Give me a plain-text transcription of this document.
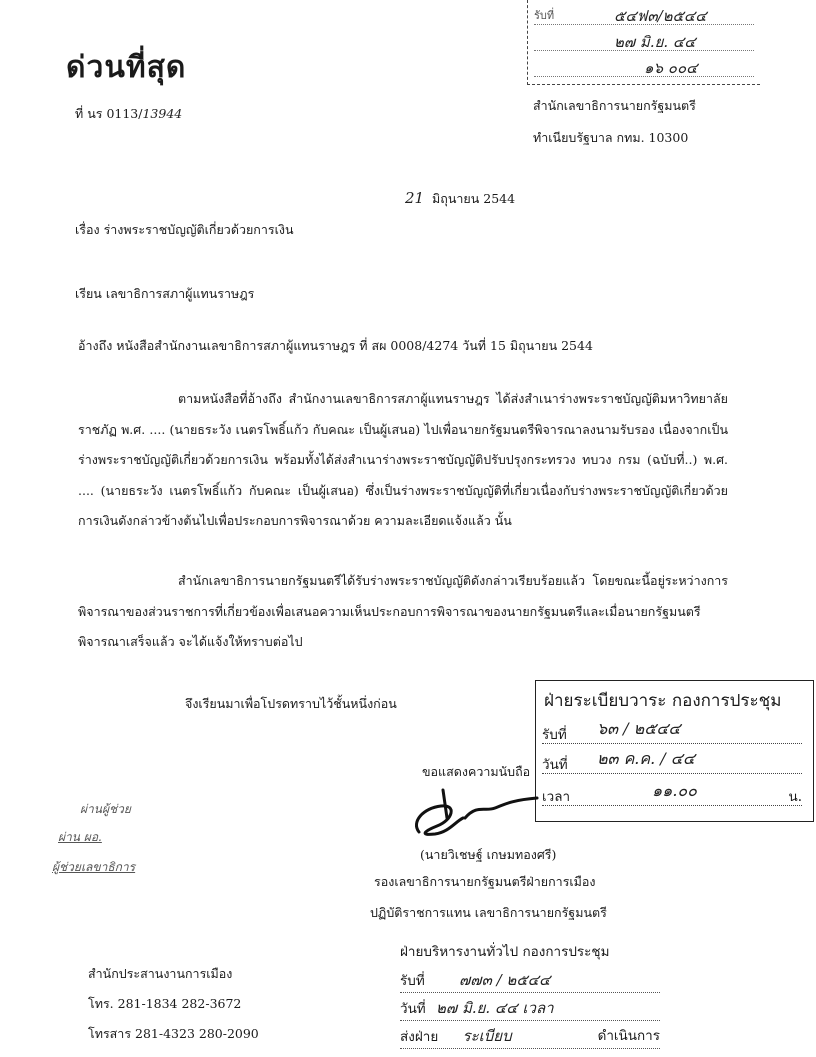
รับที่	๕๔ฟ๓/๒๕๔๔
๒๗ มิ.ย. ๔๔
๑๖ ๐๐๔
ด่วนที่สุด
ที่ นร 0113/13944
สำนักเลขาธิการนายกรัฐมนตรี
ทำเนียบรัฐบาล กทม. 10300
21 มิถุนายน 2544
เรื่อง ร่างพระราชบัญญัติเกี่ยวด้วยการเงิน
เรียน เลขาธิการสภาผู้แทนราษฎร
อ้างถึง หนังสือสำนักงานเลขาธิการสภาผู้แทนราษฎร ที่ สผ 0008/4274 วันที่ 15 มิถุนายน 2544

ตามหนังสือที่อ้างถึง สำนักงานเลขาธิการสภาผู้แทนราษฎร ได้ส่งสำเนาร่างพระราชบัญญัติมหาวิทยาลัยราชภัฏ พ.ศ. .... (นายธระวัง เนตรโพธิ์แก้ว กับคณะ เป็นผู้เสนอ) ไปเพื่อนายกรัฐมนตรีพิจารณาลงนามรับรอง เนื่องจากเป็นร่างพระราชบัญญัติเกี่ยวด้วยการเงิน พร้อมทั้งได้ส่งสำเนาร่างพระราชบัญญัติปรับปรุงกระทรวง ทบวง กรม (ฉบับที่..) พ.ศ. .... (นายธระวัง เนตรโพธิ์แก้ว กับคณะ เป็นผู้เสนอ) ซึ่งเป็นร่างพระราชบัญญัติที่เกี่ยวเนื่องกับร่างพระราชบัญญัติเกี่ยวด้วยการเงินดังกล่าวข้างต้นไปเพื่อประกอบการพิจารณาด้วย ความละเอียดแจ้งแล้ว นั้น

สำนักเลขาธิการนายกรัฐมนตรีได้รับร่างพระราชบัญญัติดังกล่าวเรียบร้อยแล้ว โดยขณะนี้อยู่ระหว่างการพิจารณาของส่วนราชการที่เกี่ยวข้องเพื่อเสนอความเห็นประกอบการพิจารณาของนายกรัฐมนตรีและเมื่อนายกรัฐมนตรีพิจารณาเสร็จแล้ว จะได้แจ้งให้ทราบต่อไป

จึงเรียนมาเพื่อโปรดทราบไว้ชั้นหนึ่งก่อน	ฝ่ายระเบียบวาระ กองการประชุม
รับที่ ๖๓ / ๒๕๔๔
วันที่ ๒๓ ค.ค. / ๔๔
เวลา	๑๑.๐๐	น.
ขอแสดงความนับถือ
(นายวิเชษฐ์ เกษมทองศรี)
รองเลขาธิการนายกรัฐมนตรีฝ่ายการเมือง
ปฏิบัติราชการแทน เลขาธิการนายกรัฐมนตรี
ผ่านผู้ช่วย
ผ่าน ผอ.
ผู้ช่วยเลขาธิการ
สำนักประสานงานการเมือง
โทร. 281-1834 282-3672
โทรสาร 281-4323 280-2090
ฝ่ายบริหารงานทั่วไป กองการประชุม
รับที่ ๗๗๓ / ๒๕๔๔
วันที่ ๒๗ มิ.ย. ๔๔ เวลา
ส่งฝ่าย ระเบียบ	ดำเนินการ
